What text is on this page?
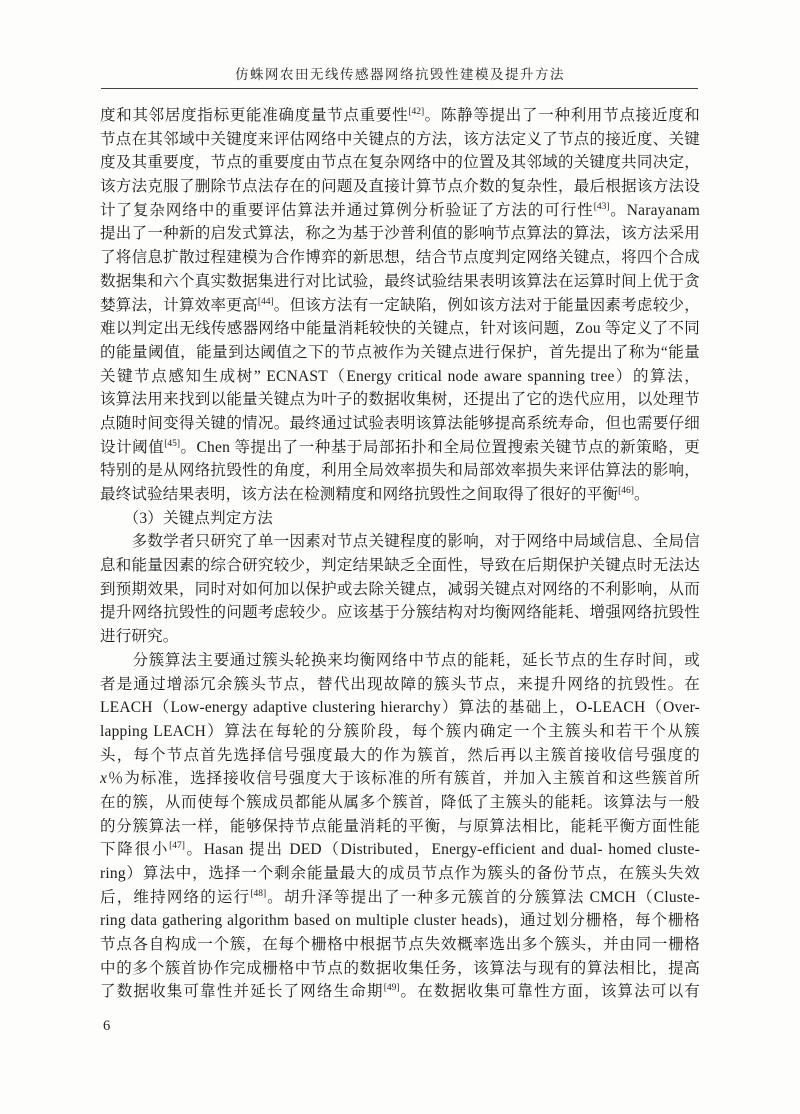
仿蛛网农田无线传感器网络抗毁性建模及提升方法
度和其邻居度指标更能准确度量节点重要性[42]。陈静等提出了一种利用节点接近度和
节点在其邻域中关键度来评估网络中关键点的方法，该方法定义了节点的接近度、关键
度及其重要度，节点的重要度由节点在复杂网络中的位置及其邻域的关键度共同决定，
该方法克服了删除节点法存在的问题及直接计算节点介数的复杂性，最后根据该方法设
计了复杂网络中的重要评估算法并通过算例分析验证了方法的可行性[43]。Narayanam
提出了一种新的启发式算法，称之为基于沙普利值的影响节点算法的算法，该方法采用
了将信息扩散过程建模为合作博弈的新思想，结合节点度判定网络关键点，将四个合成
数据集和六个真实数据集进行对比试验，最终试验结果表明该算法在运算时间上优于贪
婪算法，计算效率更高[44]。但该方法有一定缺陷，例如该方法对于能量因素考虑较少，
难以判定出无线传感器网络中能量消耗较快的关键点，针对该问题，Zou 等定义了不同
的能量阈值，能量到达阈值之下的节点被作为关键点进行保护，首先提出了称为“能量
关键节点感知生成树” ECNAST（Energy critical node aware spanning tree）的算法，
该算法用来找到以能量关键点为叶子的数据收集树，还提出了它的迭代应用，以处理节
点随时间变得关键的情况。最终通过试验表明该算法能够提高系统寿命，但也需要仔细
设计阈值[45]。Chen 等提出了一种基于局部拓扑和全局位置搜索关键节点的新策略，更
特别的是从网络抗毁性的角度，利用全局效率损失和局部效率损失来评估算法的影响，
最终试验结果表明，该方法在检测精度和网络抗毁性之间取得了很好的平衡[46]。
　　（3）关键点判定方法
　　多数学者只研究了单一因素对节点关键程度的影响，对于网络中局域信息、全局信
息和能量因素的综合研究较少，判定结果缺乏全面性，导致在后期保护关键点时无法达
到预期效果，同时对如何加以保护或去除关键点，减弱关键点对网络的不利影响，从而
提升网络抗毁性的问题考虑较少。应该基于分簇结构对均衡网络能耗、增强网络抗毁性
进行研究。
　　分簇算法主要通过簇头轮换来均衡网络中节点的能耗，延长节点的生存时间，或
者是通过增添冗余簇头节点，替代出现故障的簇头节点，来提升网络的抗毁性。在
LEACH（Low-energy adaptive clustering hierarchy）算法的基础上，O-LEACH（Over-
lapping LEACH）算法在每轮的分簇阶段，每个簇内确定一个主簇头和若干个从簇
头，每个节点首先选择信号强度最大的作为簇首，然后再以主簇首接收信号强度的
x％为标准，选择接收信号强度大于该标准的所有簇首，并加入主簇首和这些簇首所
在的簇，从而使每个簇成员都能从属多个簇首，降低了主簇头的能耗。该算法与一般
的分簇算法一样，能够保持节点能量消耗的平衡，与原算法相比，能耗平衡方面性能
下降很小[47]。Hasan 提出 DED（Distributed，Energy-efficient and dual- homed cluste-
ring）算法中，选择一个剩余能量最大的成员节点作为簇头的备份节点，在簇头失效
后，维持网络的运行[48]。胡升泽等提出了一种多元簇首的分簇算法 CMCH（Cluste-
ring data gathering algorithm based on multiple cluster heads)，通过划分栅格，每个栅格
节点各自构成一个簇，在每个栅格中根据节点失效概率选出多个簇头，并由同一栅格
中的多个簇首协作完成栅格中节点的数据收集任务，该算法与现有的算法相比，提高
了数据收集可靠性并延长了网络生命期[49]。在数据收集可靠性方面，该算法可以有
6
